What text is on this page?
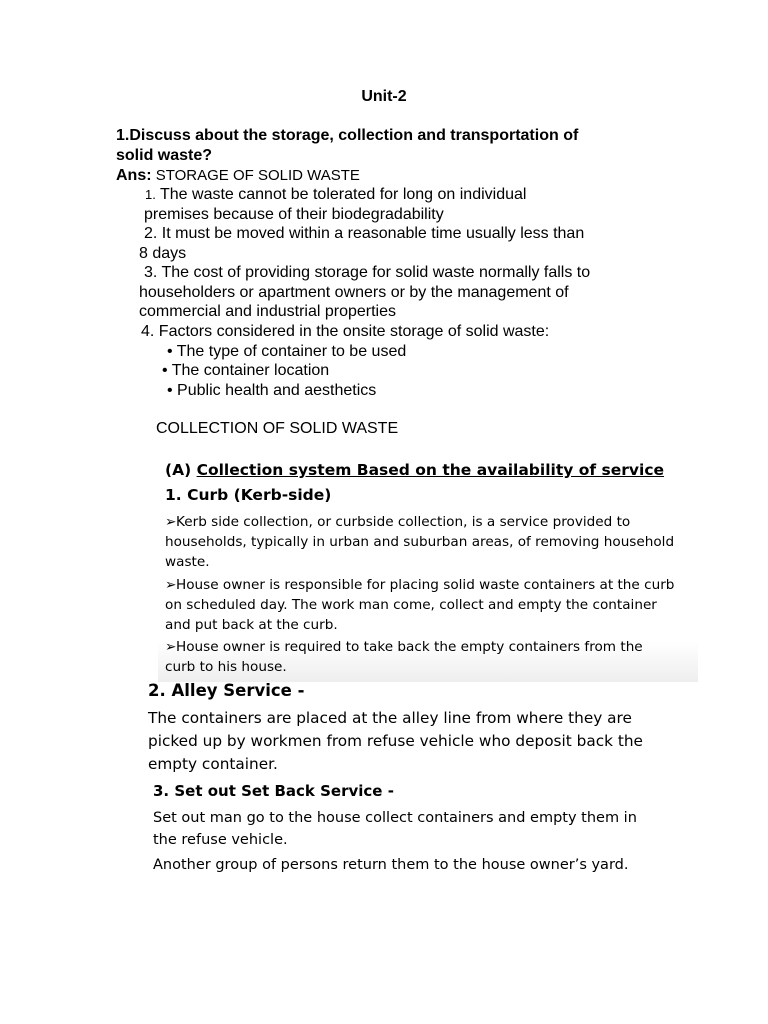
Unit-2
1.Discuss about the storage, collection and transportation of
solid waste?
Ans: STORAGE OF SOLID WASTE
1. The waste cannot be tolerated for long on individual
premises because of their biodegradability
2. It must be moved within a reasonable time usually less than
8 days
3. The cost of providing storage for solid waste normally falls to
householders or apartment owners or by the management of
commercial and industrial properties
4. Factors considered in the onsite storage of solid waste:
• The type of container to be used
• The container location
• Public health and aesthetics
COLLECTION OF SOLID WASTE
(A) Collection system Based on the availability of service
1. Curb (Kerb-side)
➢Kerb side collection, or curbside collection, is a service provided to
households, typically in urban and suburban areas, of removing household
waste.
➢House owner is responsible for placing solid waste containers at the curb
on scheduled day. The work man come, collect and empty the container
and put back at the curb.
➢House owner is required to take back the empty containers from the
curb to his house.
2. Alley Service -
The containers are placed at the alley line from where they are
picked up by workmen from refuse vehicle who deposit back the
empty container.
3. Set out Set Back Service -
Set out man go to the house collect containers and empty them in
the refuse vehicle.
Another group of persons return them to the house owner’s yard.
